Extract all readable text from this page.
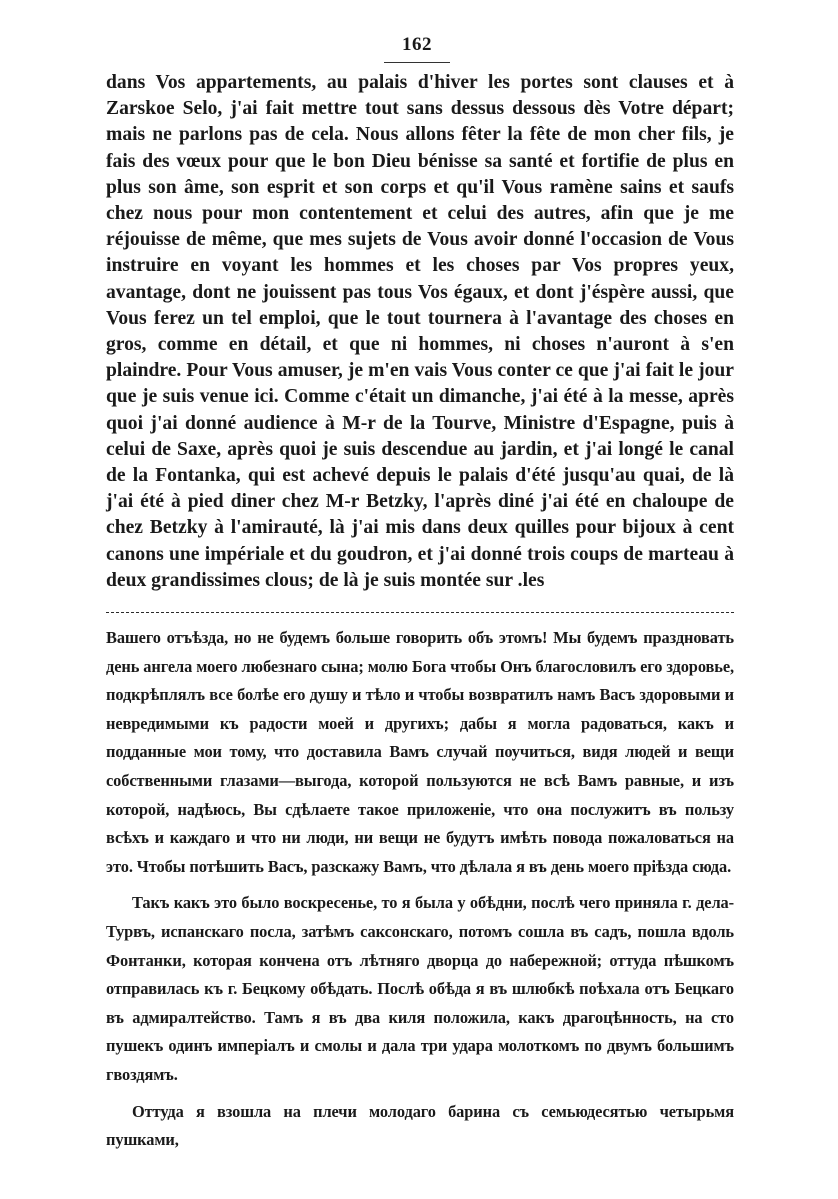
162

dans Vos appartements, au palais d'hiver les portes sont clauses et à Zarskoe Selo, j'ai fait mettre tout sans dessus dessous dès Votre départ; mais ne parlons pas de cela. Nous allons fêter la fête de mon cher fils, je fais des vœux pour que le bon Dieu bénisse sa santé et fortifie de plus en plus son âme, son esprit et son corps et qu'il Vous ramène sains et saufs chez nous pour mon contentement et celui des autres, afin que je me réjouisse de même, que mes sujets de Vous avoir donné l'occasion de Vous instruire en voyant les hommes et les choses par Vos propres yeux, avantage, dont ne jouissent pas tous Vos égaux, et dont j'éspère aussi, que Vous ferez un tel emploi, que le tout tournera à l'avantage des choses en gros, comme en détail, et que ni hommes, ni choses n'auront à s'en plaindre. Pour Vous amuser, je m'en vais Vous conter ce que j'ai fait le jour que je suis venue ici. Comme c'était un dimanche, j'ai été à la messe, après quoi j'ai donné audience à M-r de la Tourve, Ministre d'Espagne, puis à celui de Saxe, après quoi je suis descendue au jardin, et j'ai longé le canal de la Fontanka, qui est achevé depuis le palais d'été jusqu'au quai, de là j'ai été à pied diner chez M-r Betzky, l'après diné j'ai été en chaloupe de chez Betzky à l'amirauté, là j'ai mis dans deux quilles pour bijoux à cent canons une impériale et du goudron, et j'ai donné trois coups de marteau à deux grandissimes clous; de là je suis montée sur .les

Вашего отъѣзда, но не будемъ больше говорить объ этомъ! Мы будемъ праздновать день ангела моего любезнаго сына; молю Бога чтобы Онъ благословилъ его здоровье, подкрѣплялъ все болѣе его душу и тѣло и чтобы возвратилъ намъ Васъ здоровыми и невредимыми къ радости моей и другихъ; дабы я могла радоваться, какъ и подданные мои тому, что доставила Вамъ случай поучиться, видя людей и вещи собственными глазами—выгода, которой пользуются не всѣ Вамъ равные, и изъ которой, надѣюсь, Вы сдѣлаете такое приложеніе, что она послужитъ въ пользу всѣхъ и каждаго и что ни люди, ни вещи не будутъ имѣть повода пожаловаться на это. Чтобы потѣшить Васъ, разскажу Вамъ, что дѣлала я въ день моего пріѣзда сюда.

Такъ какъ это было воскресенье, то я была у обѣдни, послѣ чего приняла г. дела-Турвъ, испанскаго посла, затѣмъ саксонскаго, потомъ сошла въ садъ, пошла вдоль Фонтанки, которая кончена отъ лѣтняго дворца до набережной; оттуда пѣшкомъ отправилась къ г. Бецкому обѣдать. Послѣ обѣда я въ шлюбкѣ поѣхала отъ Бецкаго въ адмиралтейство. Тамъ я въ два киля положила, какъ драгоцѣнность, на сто пушекъ одинъ имперіалъ и смолы и дала три удара молоткомъ по двумъ большимъ гвоздямъ.

Оттуда я взошла на плечи молодаго барина съ семьюдесятью четырьмя пушками,
